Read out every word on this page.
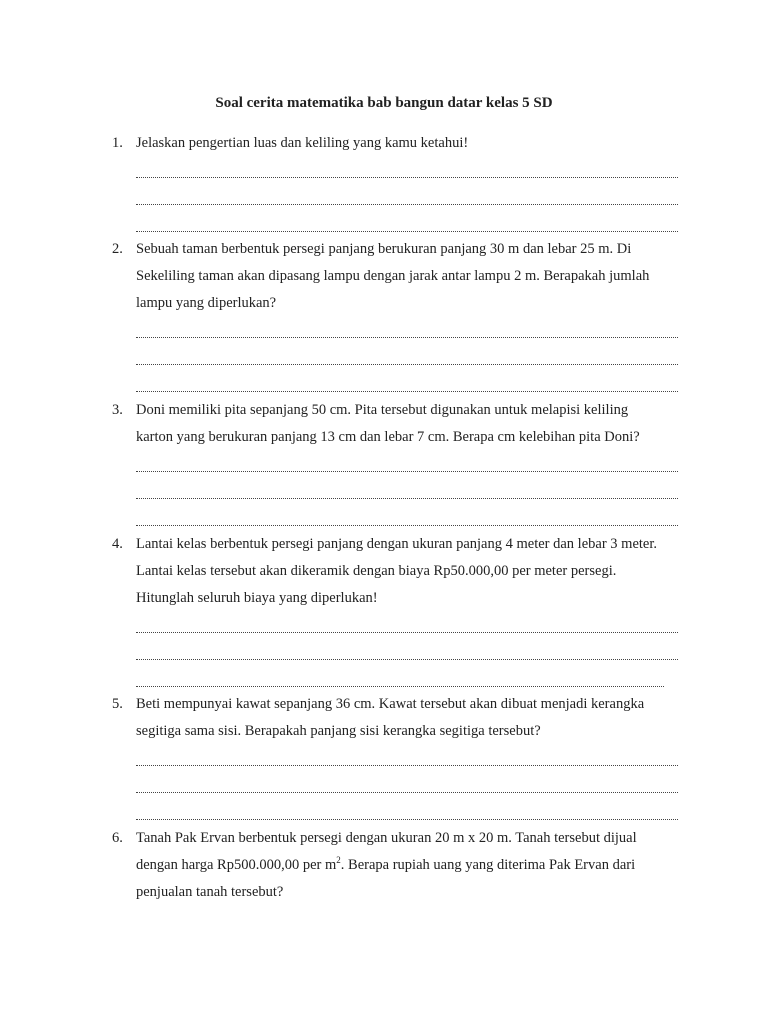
Soal cerita matematika bab bangun datar kelas 5 SD
1. Jelaskan pengertian luas dan keliling yang kamu ketahui!
2. Sebuah taman berbentuk persegi panjang berukuran panjang 30 m dan lebar 25 m. Di
Sekeliling taman akan dipasang lampu dengan jarak antar lampu 2 m. Berapakah jumlah
lampu yang diperlukan?
3. Doni memiliki pita sepanjang 50 cm. Pita tersebut digunakan untuk melapisi keliling
karton yang berukuran panjang 13 cm dan lebar 7 cm. Berapa cm kelebihan pita Doni?
4. Lantai kelas berbentuk persegi panjang dengan ukuran panjang 4 meter dan lebar 3 meter.
Lantai kelas tersebut akan dikeramik dengan biaya Rp50.000,00 per meter persegi.
Hitunglah seluruh biaya yang diperlukan!
5. Beti mempunyai kawat sepanjang 36 cm. Kawat tersebut akan dibuat menjadi kerangka
segitiga sama sisi. Berapakah panjang sisi kerangka segitiga tersebut?
6. Tanah Pak Ervan berbentuk persegi dengan ukuran 20 m x 20 m. Tanah tersebut dijual
dengan harga Rp500.000,00 per $m^2$. Berapa rupiah uang yang diterima Pak Ervan dari
penjualan tanah tersebut?
